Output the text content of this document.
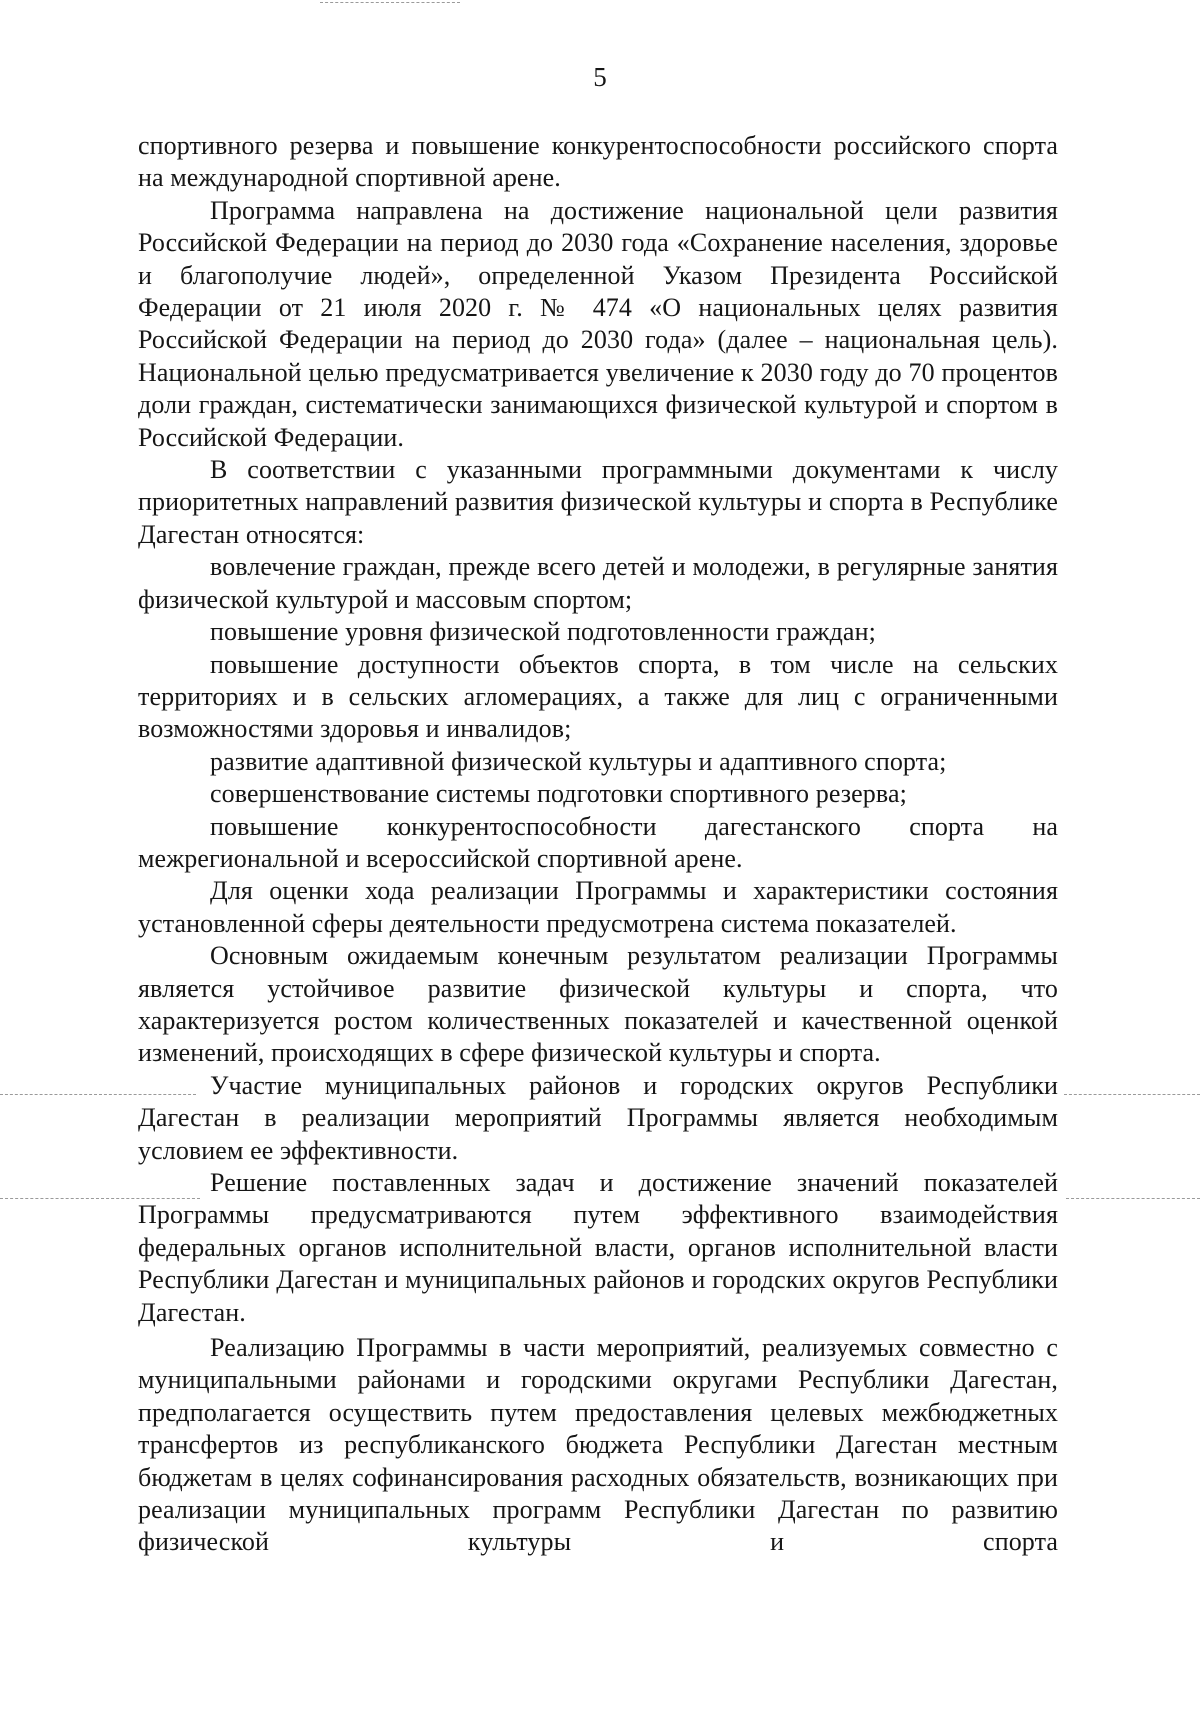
5

спортивного резерва и повышение конкурентоспособности российского спорта на международной спортивной арене.

Программа направлена на достижение национальной цели развития Российской Федерации на период до 2030 года «Сохранение населения, здоровье и благополучие людей», определенной Указом Президента Российской Федерации от 21 июля 2020 г. № 474 «О национальных целях развития Российской Федерации на период до 2030 года» (далее – национальная цель). Национальной целью предусматривается увеличение к 2030 году до 70 процентов доли граждан, систематически занимающихся физической культурой и спортом в Российской Федерации.

В соответствии с указанными программными документами к числу приоритетных направлений развития физической культуры и спорта в Республике Дагестан относятся:

вовлечение граждан, прежде всего детей и молодежи, в регулярные занятия физической культурой и массовым спортом;

повышение уровня физической подготовленности граждан;

повышение доступности объектов спорта, в том числе на сельских территориях и в сельских агломерациях, а также для лиц с ограниченными возможностями здоровья и инвалидов;

развитие адаптивной физической культуры и адаптивного спорта;

совершенствование системы подготовки спортивного резерва;

повышение конкурентоспособности дагестанского спорта на межрегиональной и всероссийской спортивной арене.

Для оценки хода реализации Программы и характеристики состояния установленной сферы деятельности предусмотрена система показателей.

Основным ожидаемым конечным результатом реализации Программы является устойчивое развитие физической культуры и спорта, что характеризуется ростом количественных показателей и качественной оценкой изменений, происходящих в сфере физической культуры и спорта.

Участие муниципальных районов и городских округов Республики Дагестан в реализации мероприятий Программы является необходимым условием ее эффективности.

Решение поставленных задач и достижение значений показателей Программы предусматриваются путем эффективного взаимодействия федеральных органов исполнительной власти, органов исполнительной власти Республики Дагестан и муниципальных районов и городских округов Республики Дагестан.

Реализацию Программы в части мероприятий, реализуемых совместно с муниципальными районами и городскими округами Республики Дагестан, предполагается осуществить путем предоставления целевых межбюджетных трансфертов из республиканского бюджета Республики Дагестан местным бюджетам в целях софинансирования расходных обязательств, возникающих при реализации муниципальных программ Республики Дагестан по развитию физической культуры и спорта
